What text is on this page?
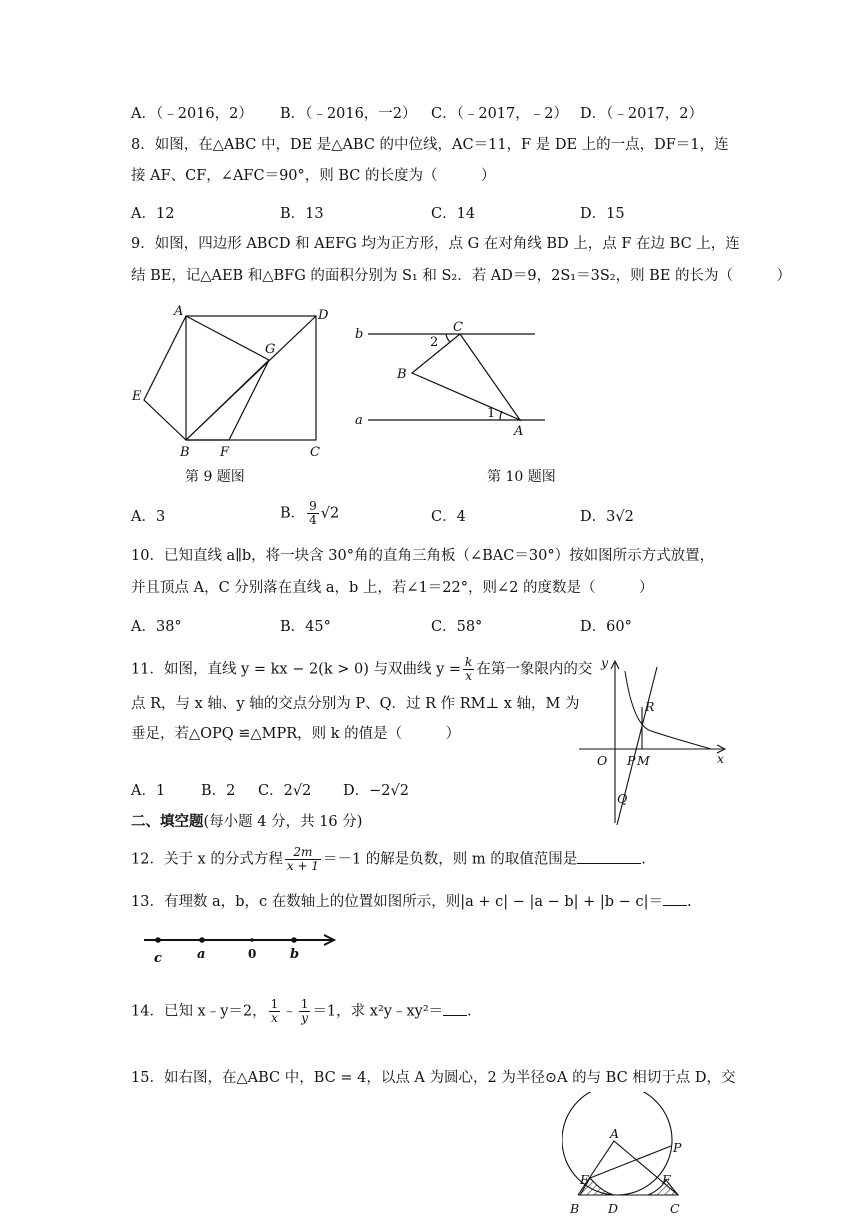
A．（﹣2016，2） B．（﹣2016，一2） C．（﹣2017，﹣2） D．（﹣2017，2）
8．如图，在△ABC 中，DE 是△ABC 的中位线，AC＝11，F 是 DE 上的一点，DF＝1，连
接 AF、CF，∠AFC＝90°，则 BC 的长度为（　　　）
A．12	B．13	C．14	D．15
9．如图，四边形 ABCD 和 AEFG 均为正方形，点 G 在对角线 BD 上，点 F 在边 BC 上，连
结 BE，记△AEB 和△BFG 的面积分别为 S₁ 和 S₂．若 AD＝9，2S₁＝3S₂，则 BE 的长为（　　　）
A	D
G
E
B F	C
第 9 题图
b	C
2
B
a	1
A
第 10 题图
A．3	B． $\frac{9}{4} √2$	C．4	D．3√2
10．已知直线 a∥b，将一块含 30°角的直角三角板（∠BAC＝30°）按如图所示方式放置，
并且顶点 A，C 分别落在直线 a，b 上，若∠1＝22°，则∠2 的度数是（　　　）
A．38°	B．45°	C．58°	D．60°
11．如图，直线 y = kx − 2(k > 0) 与双曲线 $y = \frac{k}{x}$ 在第一象限内的交
点 R，与 x 轴、y 轴的交点分别为 P、Q．过 R 作 RM⊥ x 轴，M 为
垂足，若△OPQ ≌△MPR，则 k 的值是（　　　）
y
R
O P M	x
Q
A．1 B．2 C．2√2 D．−2√2
二、填空题(每小题 4 分，共 16 分)
12．关于 x 的分式方程 $\frac{2m}{x + 1} =-1$ 的解是负数，则 m 的取值范围是	.
13．有理数 a，b，c 在数轴上的位置如图所示，则|a + c| − |a − b| + |b − c|＝ .
c	a	0	b
14．已知 x﹣y＝2， $\frac{1}{x}$ ﹣ $\frac{1}{y} =1$，求 x²y﹣xy²＝ .
15．如右图，在△ABC 中，BC = 4，以点 A 为圆心，2 为半径⊙A 的与 BC 相切于点 D，交
A
P
E	F
B D	C
